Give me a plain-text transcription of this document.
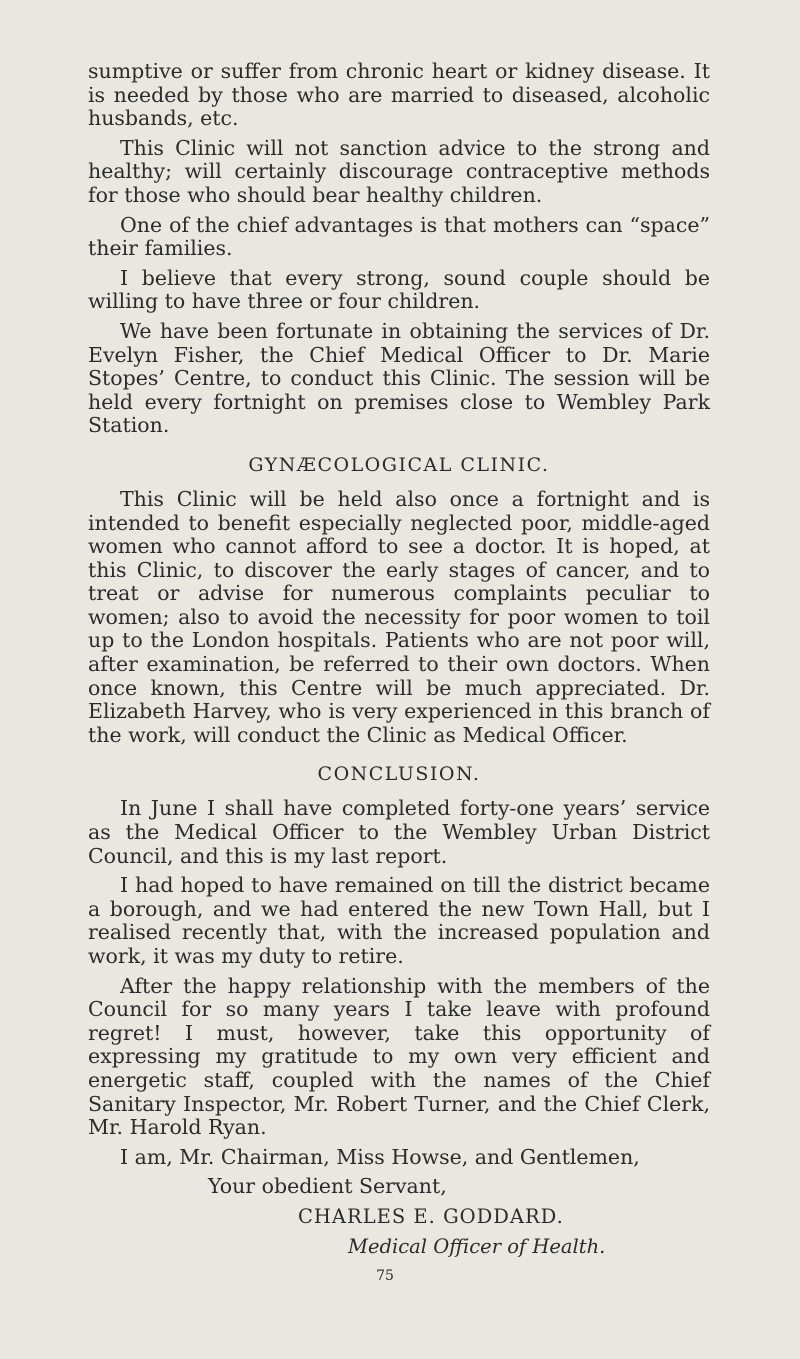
sumptive or suffer from chronic heart or kidney disease. It is needed by those who are married to diseased, alcoholic husbands, etc.

This Clinic will not sanction advice to the strong and healthy; will certainly discourage contraceptive methods for those who should bear healthy children.

One of the chief advantages is that mothers can “space” their families.

I believe that every strong, sound couple should be willing to have three or four children.

We have been fortunate in obtaining the services of Dr. Evelyn Fisher, the Chief Medical Officer to Dr. Marie Stopes’ Centre, to conduct this Clinic. The session will be held every fortnight on premises close to Wembley Park Station.

GYNÆCOLOGICAL CLINIC.

This Clinic will be held also once a fortnight and is intended to benefit especially neglected poor, middle-aged women who cannot afford to see a doctor. It is hoped, at this Clinic, to discover the early stages of cancer, and to treat or advise for numerous complaints peculiar to women; also to avoid the necessity for poor women to toil up to the London hospitals. Patients who are not poor will, after examination, be referred to their own doctors. When once known, this Centre will be much appreciated. Dr. Elizabeth Harvey, who is very experienced in this branch of the work, will conduct the Clinic as Medical Officer.

CONCLUSION.

In June I shall have completed forty-one years’ service as the Medical Officer to the Wembley Urban District Council, and this is my last report.

I had hoped to have remained on till the district became a borough, and we had entered the new Town Hall, but I realised recently that, with the increased population and work, it was my duty to retire.

After the happy relationship with the members of the Council for so many years I take leave with profound regret! I must, however, take this opportunity of expressing my gratitude to my own very efficient and energetic staff, coupled with the names of the Chief Sanitary Inspector, Mr. Robert Turner, and the Chief Clerk, Mr. Harold Ryan.

I am, Mr. Chairman, Miss Howse, and Gentlemen,

Your obedient Servant,

CHARLES E. GODDARD.

Medical Officer of Health.

75
